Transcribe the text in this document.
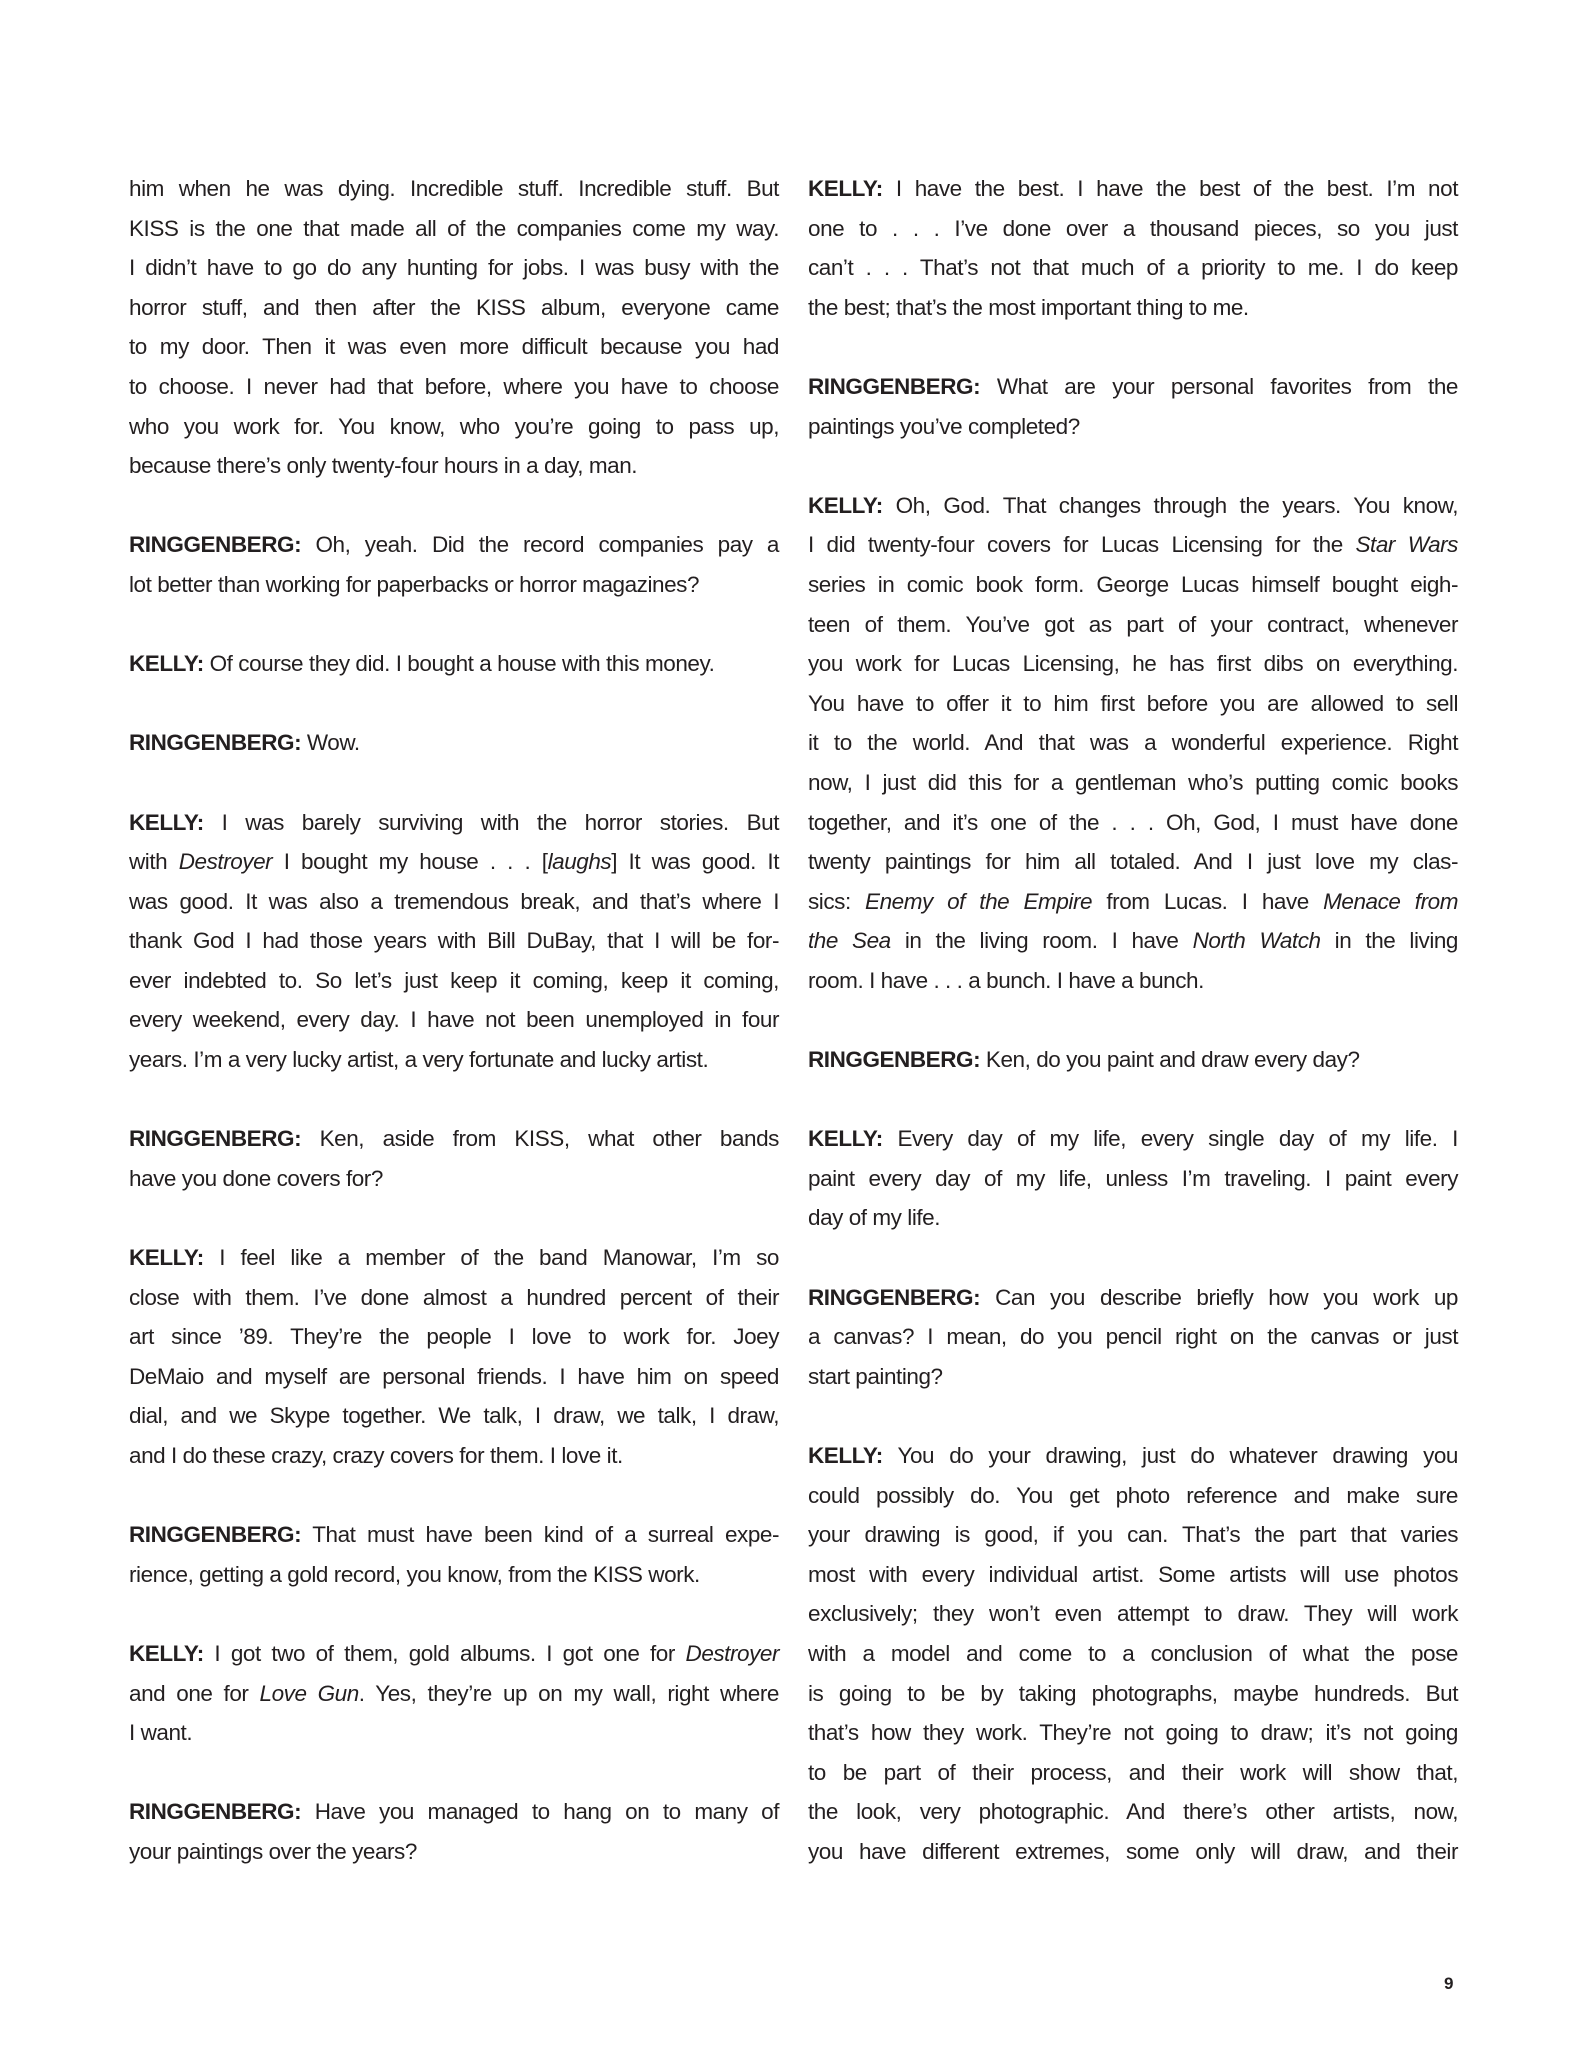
him when he was dying. Incredible stuff. Incredible stuff. But
KISS is the one that made all of the companies come my way.
I didn’t have to go do any hunting for jobs. I was busy with the
horror stuff, and then after the KISS album, everyone came
to my door. Then it was even more difficult because you had
to choose. I never had that before, where you have to choose
who you work for. You know, who you’re going to pass up,
because there’s only twenty-four hours in a day, man.
RINGGENBERG: Oh, yeah. Did the record companies pay a
lot better than working for paperbacks or horror magazines?
KELLY: Of course they did. I bought a house with this money.
RINGGENBERG: Wow.
KELLY: I was barely surviving with the horror stories. But
with Destroyer I bought my house . . . [laughs] It was good. It
was good. It was also a tremendous break, and that’s where I
thank God I had those years with Bill DuBay, that I will be for-
ever indebted to. So let’s just keep it coming, keep it coming,
every weekend, every day. I have not been unemployed in four
years. I’m a very lucky artist, a very fortunate and lucky artist.
RINGGENBERG: Ken, aside from KISS, what other bands
have you done covers for?
KELLY: I feel like a member of the band Manowar, I’m so
close with them. I’ve done almost a hundred percent of their
art since ’89. They’re the people I love to work for. Joey
DeMaio and myself are personal friends. I have him on speed
dial, and we Skype together. We talk, I draw, we talk, I draw,
and I do these crazy, crazy covers for them. I love it.
RINGGENBERG: That must have been kind of a surreal expe-
rience, getting a gold record, you know, from the KISS work.
KELLY: I got two of them, gold albums. I got one for Destroyer
and one for Love Gun. Yes, they’re up on my wall, right where
I want.
RINGGENBERG: Have you managed to hang on to many of
your paintings over the years?
KELLY: I have the best. I have the best of the best. I’m not
one to . . . I’ve done over a thousand pieces, so you just
can’t . . . That’s not that much of a priority to me. I do keep
the best; that’s the most important thing to me.
RINGGENBERG: What are your personal favorites from the
paintings you’ve completed?
KELLY: Oh, God. That changes through the years. You know,
I did twenty-four covers for Lucas Licensing for the Star Wars
series in comic book form. George Lucas himself bought eigh-
teen of them. You’ve got as part of your contract, whenever
you work for Lucas Licensing, he has first dibs on everything.
You have to offer it to him first before you are allowed to sell
it to the world. And that was a wonderful experience. Right
now, I just did this for a gentleman who’s putting comic books
together, and it’s one of the . . . Oh, God, I must have done
twenty paintings for him all totaled. And I just love my clas-
sics: Enemy of the Empire from Lucas. I have Menace from
the Sea in the living room. I have North Watch in the living
room. I have . . . a bunch. I have a bunch.
RINGGENBERG: Ken, do you paint and draw every day?
KELLY: Every day of my life, every single day of my life. I
paint every day of my life, unless I’m traveling. I paint every
day of my life.
RINGGENBERG: Can you describe briefly how you work up
a canvas? I mean, do you pencil right on the canvas or just
start painting?
KELLY: You do your drawing, just do whatever drawing you
could possibly do. You get photo reference and make sure
your drawing is good, if you can. That’s the part that varies
most with every individual artist. Some artists will use photos
exclusively; they won’t even attempt to draw. They will work
with a model and come to a conclusion of what the pose
is going to be by taking photographs, maybe hundreds. But
that’s how they work. They’re not going to draw; it’s not going
to be part of their process, and their work will show that,
the look, very photographic. And there’s other artists, now,
you have different extremes, some only will draw, and their
9
